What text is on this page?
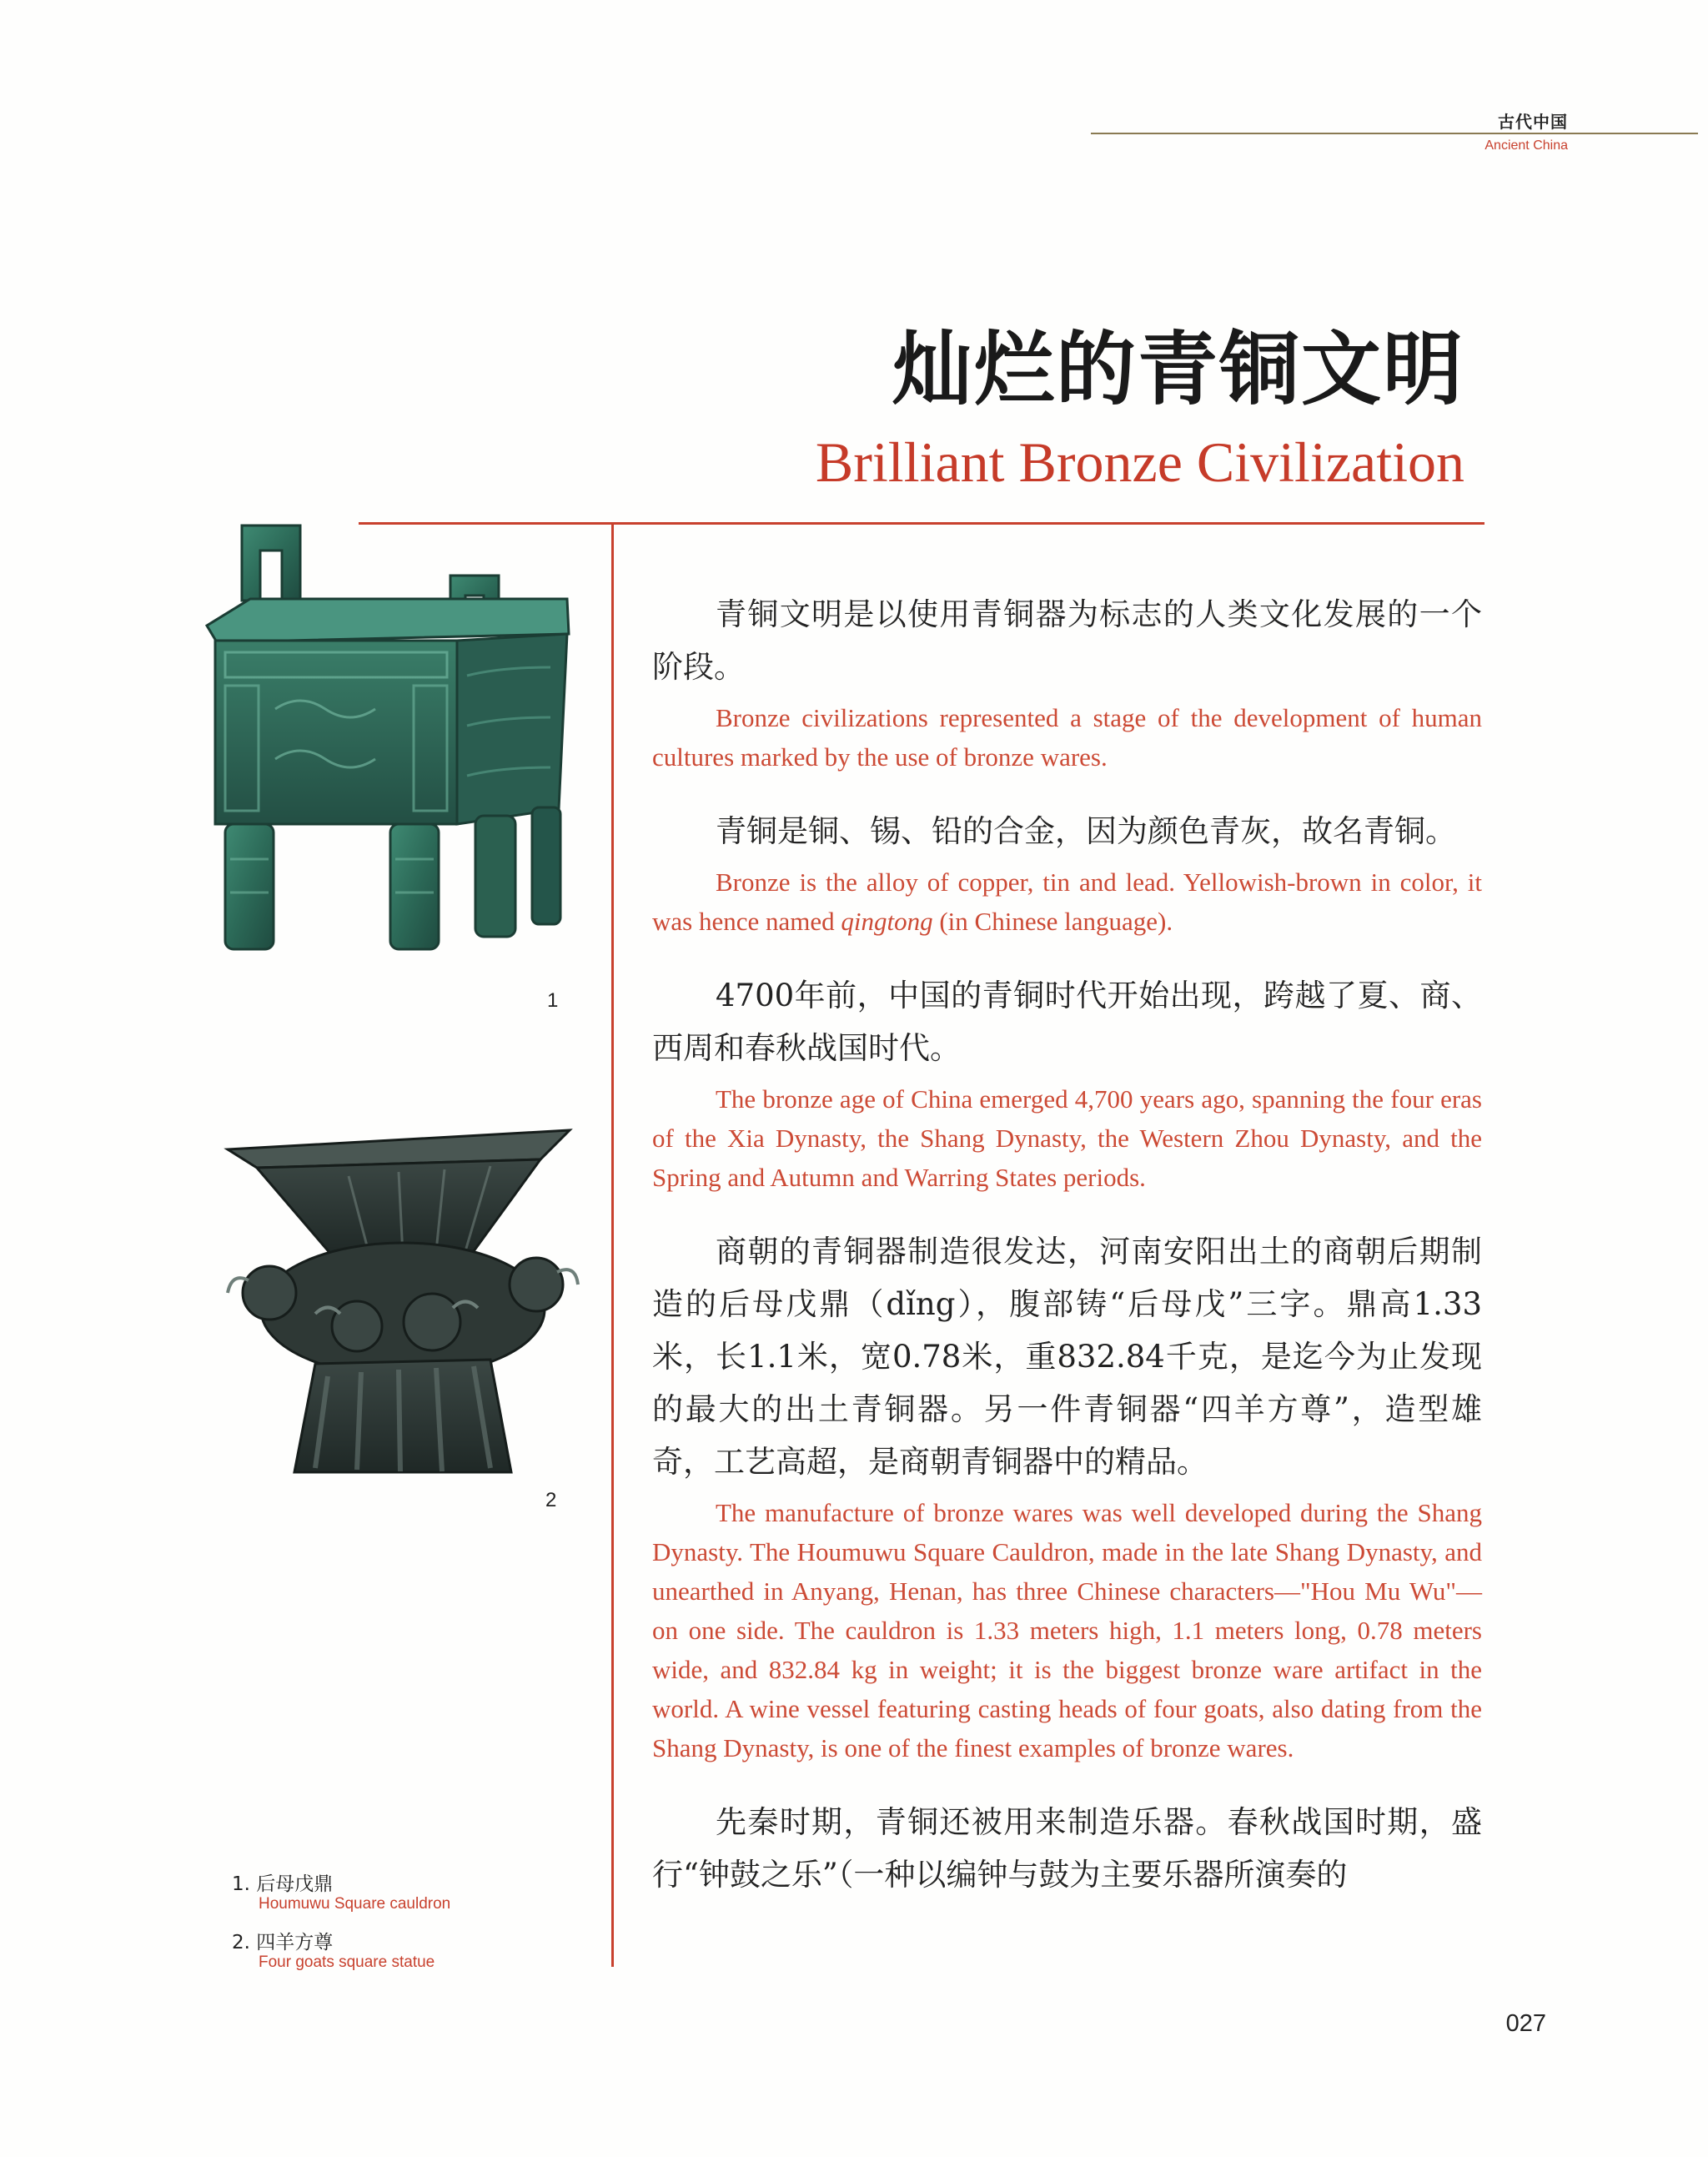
古代中国
Ancient China
灿烂的青铜文明
Brilliant Bronze Civilization
1
2
1. 后母戊鼎
Houmuwu Square cauldron
2. 四羊方尊
Four goats square statue

青铜文明是以使用青铜器为标志的人类文化发展的一个阶段。

Bronze civilizations represented a stage of the development of human cultures marked by the use of bronze wares.

青铜是铜、锡、铅的合金，因为颜色青灰，故名青铜。

Bronze is the alloy of copper, tin and lead. Yellowish-brown in color, it was hence named qingtong (in Chinese language).

4700年前，中国的青铜时代开始出现，跨越了夏、商、西周和春秋战国时代。

The bronze age of China emerged 4,700 years ago, spanning the four eras of the Xia Dynasty, the Shang Dynasty, the Western Zhou Dynasty, and the Spring and Autumn and Warring States periods.

商朝的青铜器制造很发达，河南安阳出土的商朝后期制造的后母戊鼎（dǐng），腹部铸“后母戊”三字。鼎高1.33米，长1.1米，宽0.78米，重832.84千克，是迄今为止发现的最大的出土青铜器。另一件青铜器“四羊方尊”，造型雄奇，工艺高超，是商朝青铜器中的精品。

The manufacture of bronze wares was well developed during the Shang Dynasty. The Houmuwu Square Cauldron, made in the late Shang Dynasty, and unearthed in Anyang, Henan, has three Chinese characters—"Hou Mu Wu"—on one side. The cauldron is 1.33 meters high, 1.1 meters long, 0.78 meters wide, and 832.84 kg in weight; it is the biggest bronze ware artifact in the world. A wine vessel featuring casting heads of four goats, also dating from the Shang Dynasty, is one of the finest examples of bronze wares.

先秦时期，青铜还被用来制造乐器。春秋战国时期，盛行“钟鼓之乐”（一种以编钟与鼓为主要乐器所演奏的

027
